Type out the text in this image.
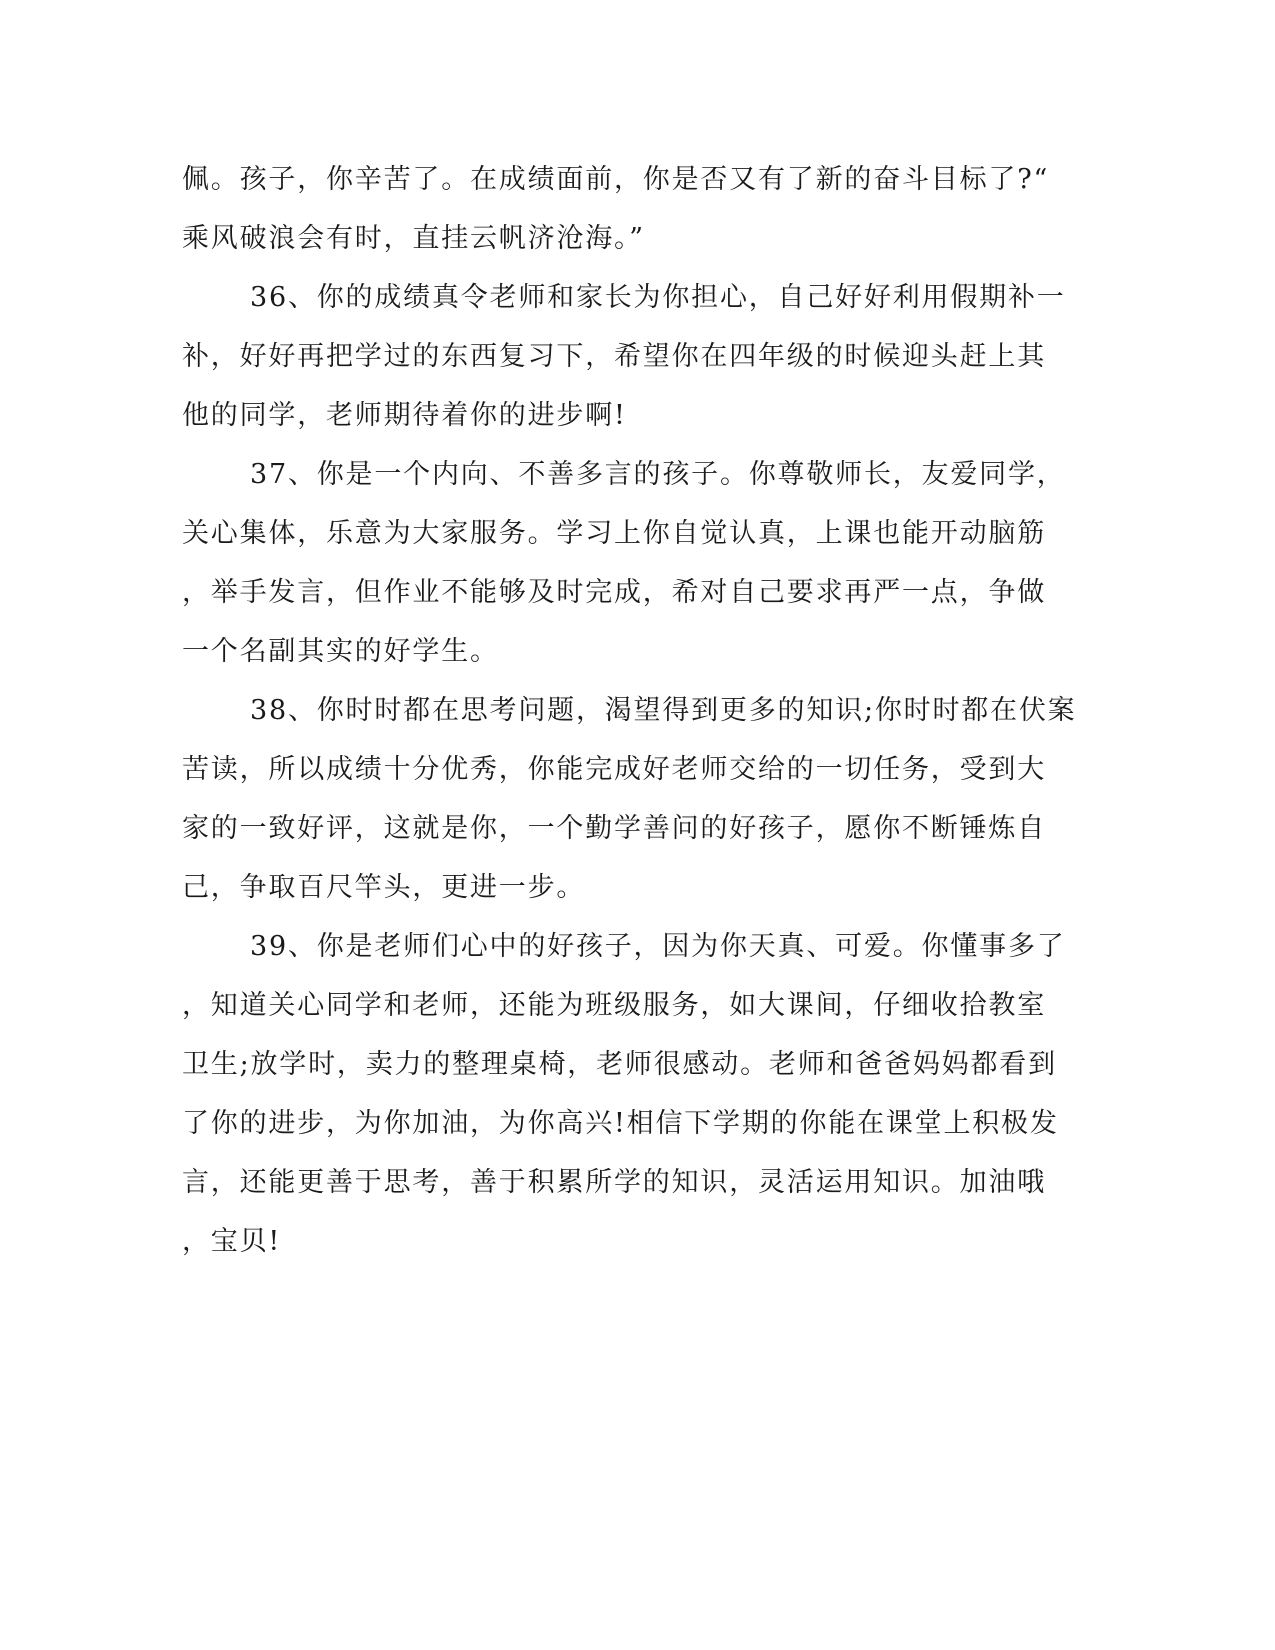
佩。孩子，你辛苦了。在成绩面前，你是否又有了新的奋斗目标了?“
乘风破浪会有时，直挂云帆济沧海。”
36、你的成绩真令老师和家长为你担心，自己好好利用假期补一
补，好好再把学过的东西复习下，希望你在四年级的时候迎头赶上其
他的同学，老师期待着你的进步啊!
37、你是一个内向、不善多言的孩子。你尊敬师长，友爱同学，
关心集体，乐意为大家服务。学习上你自觉认真，上课也能开动脑筋
，举手发言，但作业不能够及时完成，希对自己要求再严一点，争做
一个名副其实的好学生。
38、你时时都在思考问题，渴望得到更多的知识;你时时都在伏案
苦读，所以成绩十分优秀，你能完成好老师交给的一切任务，受到大
家的一致好评，这就是你，一个勤学善问的好孩子，愿你不断锤炼自
己，争取百尺竿头，更进一步。
39、你是老师们心中的好孩子，因为你天真、可爱。你懂事多了
，知道关心同学和老师，还能为班级服务，如大课间，仔细收拾教室
卫生;放学时，卖力的整理桌椅，老师很感动。老师和爸爸妈妈都看到
了你的进步，为你加油，为你高兴!相信下学期的你能在课堂上积极发
言，还能更善于思考，善于积累所学的知识，灵活运用知识。加油哦
，宝贝!
